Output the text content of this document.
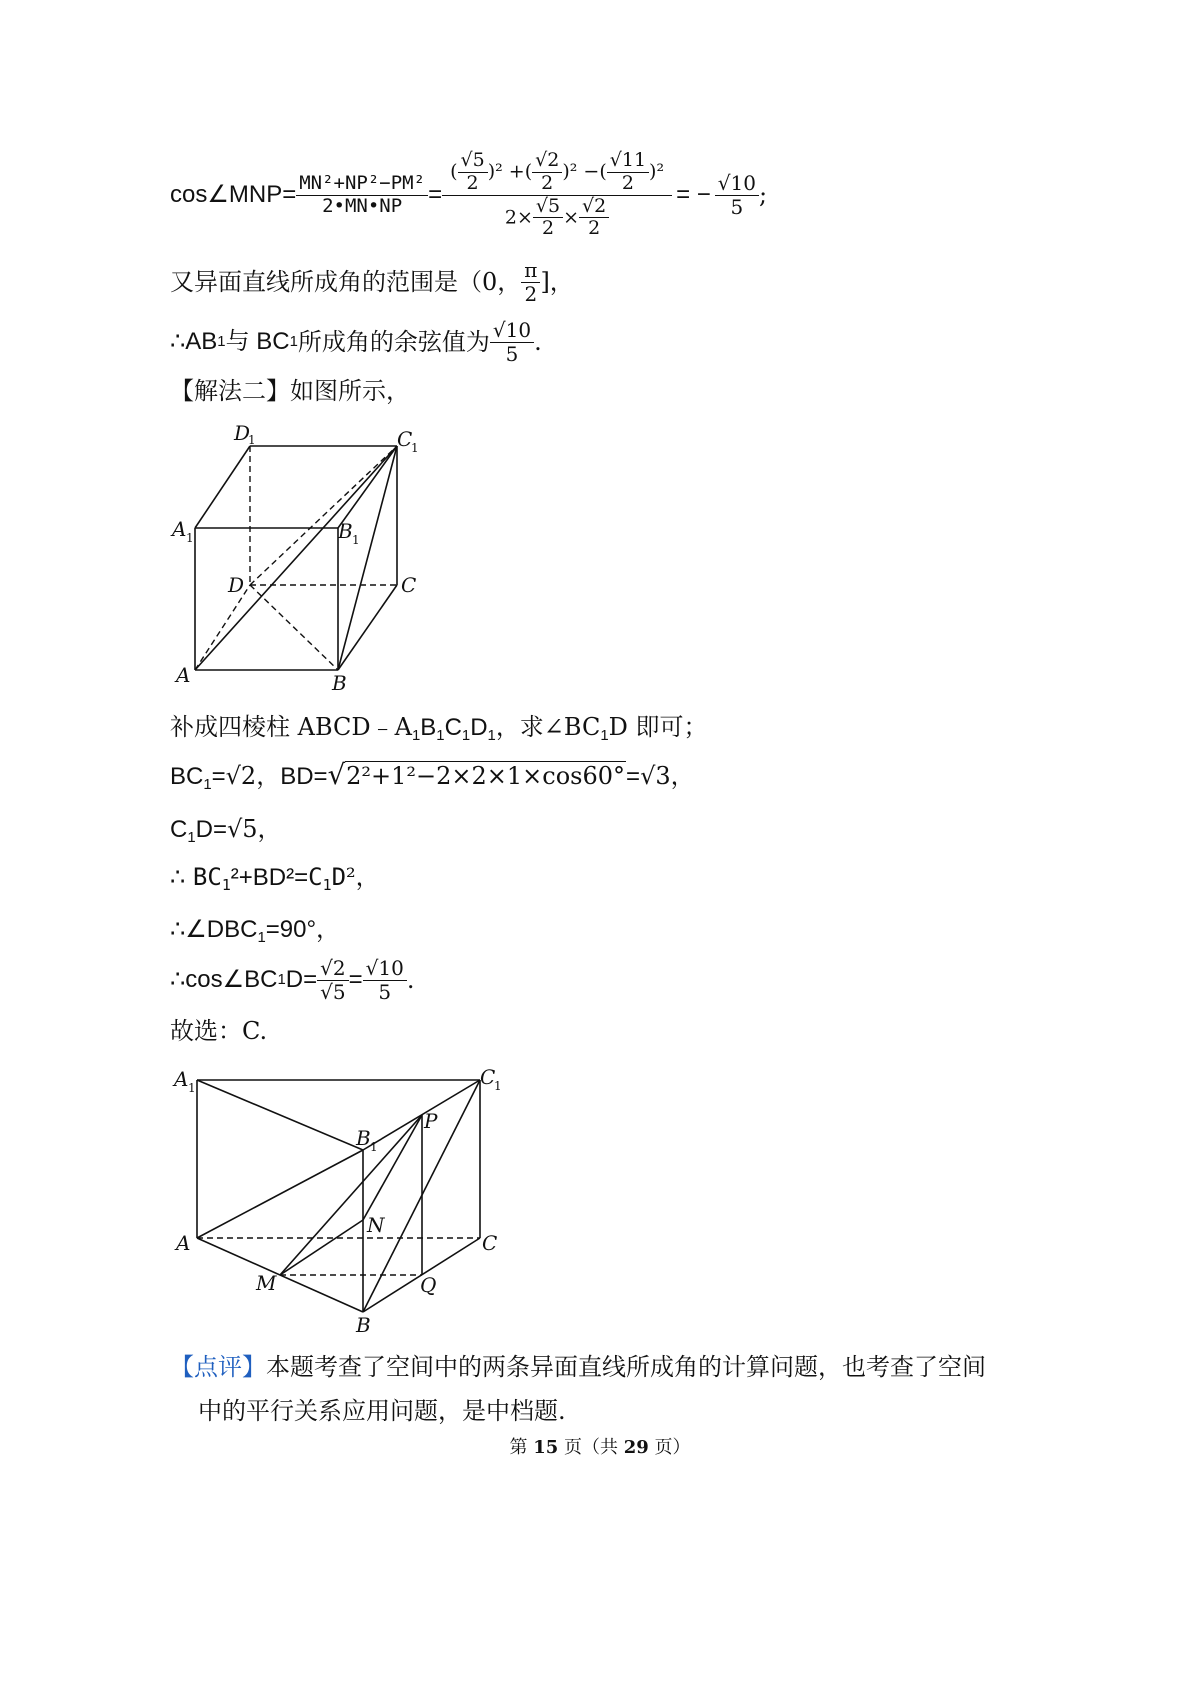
cos∠MNP= $\frac{\text{MN²+NP²−PM²}}{2•MN•NP} = \frac{( \frac{√5}{2} )^2 +( \frac{√2}{2} )^2 -( \frac{√11}{2} )^2}{2\times \frac{√5}{2} \times \frac{√2}{2}}$ = − $\frac{√10}{5}$ ;
又异面直线所成角的范围是（0， $\frac{\pi}{2}$ ]，
∴AB 1 与 BC 1 所成角的余弦值为 $\frac{√10}{5}$ .
【解法二】如图所示，
D
1	C
1
A 1	B 1
D	C
A	B
补成四棱柱 $ABCD﹣A_1B_1C_1D_1$，求$\angle BC_1D$ 即可；
$BC_1=√2$，BD=√2²+1²−2×2×1×cos60°=√3，
$C_1D=√5$，
∴ $BC_1^2+BD^2=C_1D^2$，
$\therefore\angle DBC_1=90^\circ$，
∴cos∠BC 1 $D= \frac{√2}{√5} = \frac{√10}{5}$ .
故选：C.
A 1	C
1
B 1
P
N
A	C
M	Q
B
【点评】本题考查了空间中的两条异面直线所成角的计算问题，也考查了空间
中的平行关系应用问题，是中档题.
第 15 页（共 29 页）
